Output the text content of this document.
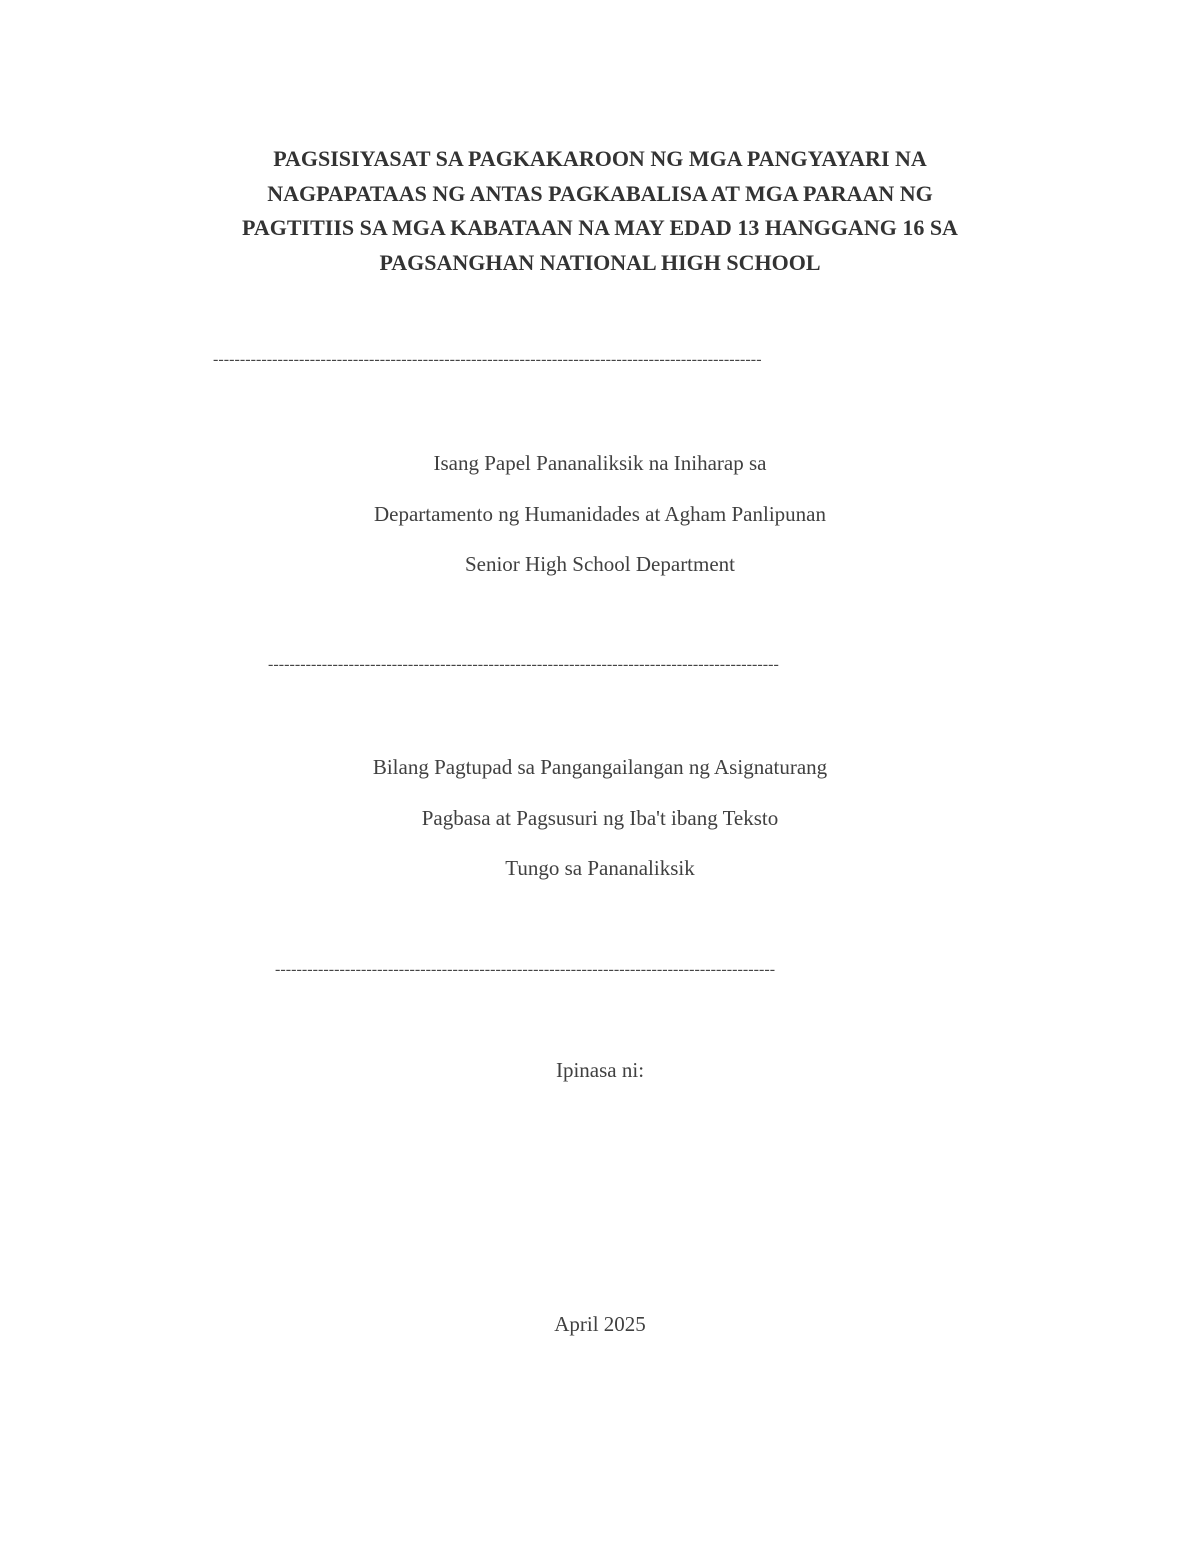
PAGSISIYASAT SA PAGKAKAROON NG MGA PANGYAYARI NA
NAGPAPATAAS NG ANTAS PAGKABALISA AT MGA PARAAN NG
PAGTITIIS SA MGA KABATAAN NA MAY EDAD 13 HANGGANG 16 SA
PAGSANGHAN NATIONAL HIGH SCHOOL
------------------------------------------------------------------------------------------------------
Isang Papel Pananaliksik na Iniharap sa
Departamento ng Humanidades at Agham Panlipunan
Senior High School Department
-----------------------------------------------------------------------------------------------
Bilang Pagtupad sa Pangangailangan ng Asignaturang
Pagbasa at Pagsusuri ng Iba't ibang Teksto
Tungo sa Pananaliksik
---------------------------------------------------------------------------------------------
Ipinasa ni:
April 2025
